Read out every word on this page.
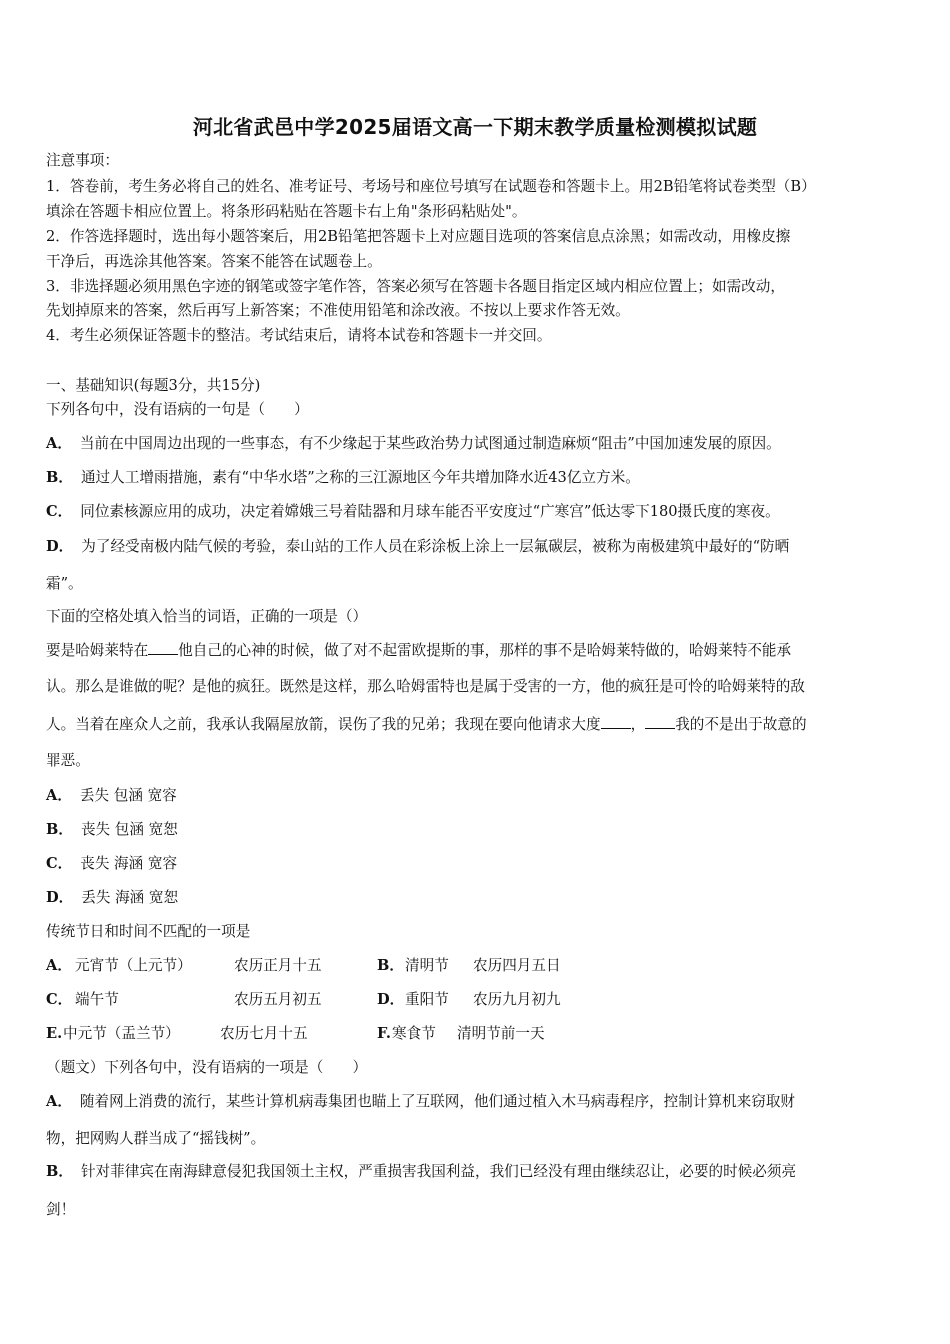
河北省武邑中学2025届语文高一下期末教学质量检测模拟试题
注意事项：
1．答卷前，考生务必将自己的姓名、准考证号、考场号和座位号填写在试题卷和答题卡上。用2B铅笔将试卷类型（B）
填涂在答题卡相应位置上。将条形码粘贴在答题卡右上角"条形码粘贴处"。
2．作答选择题时，选出每小题答案后，用2B铅笔把答题卡上对应题目选项的答案信息点涂黑；如需改动，用橡皮擦
干净后，再选涂其他答案。答案不能答在试题卷上。
3．非选择题必须用黑色字迹的钢笔或签字笔作答，答案必须写在答题卡各题目指定区域内相应位置上；如需改动，
先划掉原来的答案，然后再写上新答案；不准使用铅笔和涂改液。不按以上要求作答无效。
4．考生必须保证答题卡的整洁。考试结束后，请将本试卷和答题卡一并交回。
一、基础知识(每题3分，共15分)
下列各句中，没有语病的一句是（　　）
A． 当前在中国周边出现的一些事态，有不少缘起于某些政治势力试图通过制造麻烦“阻击”中国加速发展的原因。
B． 通过人工增雨措施，素有“中华水塔”之称的三江源地区今年共增加降水近43亿立方米。
C． 同位素核源应用的成功，决定着嫦娥三号着陆器和月球车能否平安度过“广寒宫”低达零下180摄氏度的寒夜。
D． 为了经受南极内陆气候的考验，泰山站的工作人员在彩涂板上涂上一层氟碳层，被称为南极建筑中最好的“防晒
霜”。
下面的空格处填入恰当的词语，正确的一项是（）
要是哈姆莱特在 他自己的心神的时候，做了对不起雷欧提斯的事，那样的事不是哈姆莱特做的，哈姆莱特不能承
认。那么是谁做的呢？是他的疯狂。既然是这样，那么哈姆雷特也是属于受害的一方，他的疯狂是可怜的哈姆莱特的敌
人。当着在座众人之前，我承认我隔屋放箭，误伤了我的兄弟；我现在要向他请求大度 ， 我的不是出于故意的
罪恶。
A． 丢失 包涵 宽容
B． 丧失 包涵 宽恕
C． 丧失 海涵 宽容
D． 丢失 海涵 宽恕
传统节日和时间不匹配的一项是
A． 元宵节（上元节）	农历正月十五	B． 清明节 农历四月五日
C． 端午节	农历五月初五	D． 重阳节 农历九月初九
E. 中元节（盂兰节）	农历七月十五	F. 寒食节 清明节前一天
（题文）下列各句中，没有语病的一项是（　　）
A． 随着网上消费的流行，某些计算机病毒集团也瞄上了互联网，他们通过植入木马病毒程序，控制计算机来窃取财
物，把网购人群当成了“摇钱树”。
B． 针对菲律宾在南海肆意侵犯我国领土主权，严重损害我国利益，我们已经没有理由继续忍让，必要的时候必须亮
剑！
